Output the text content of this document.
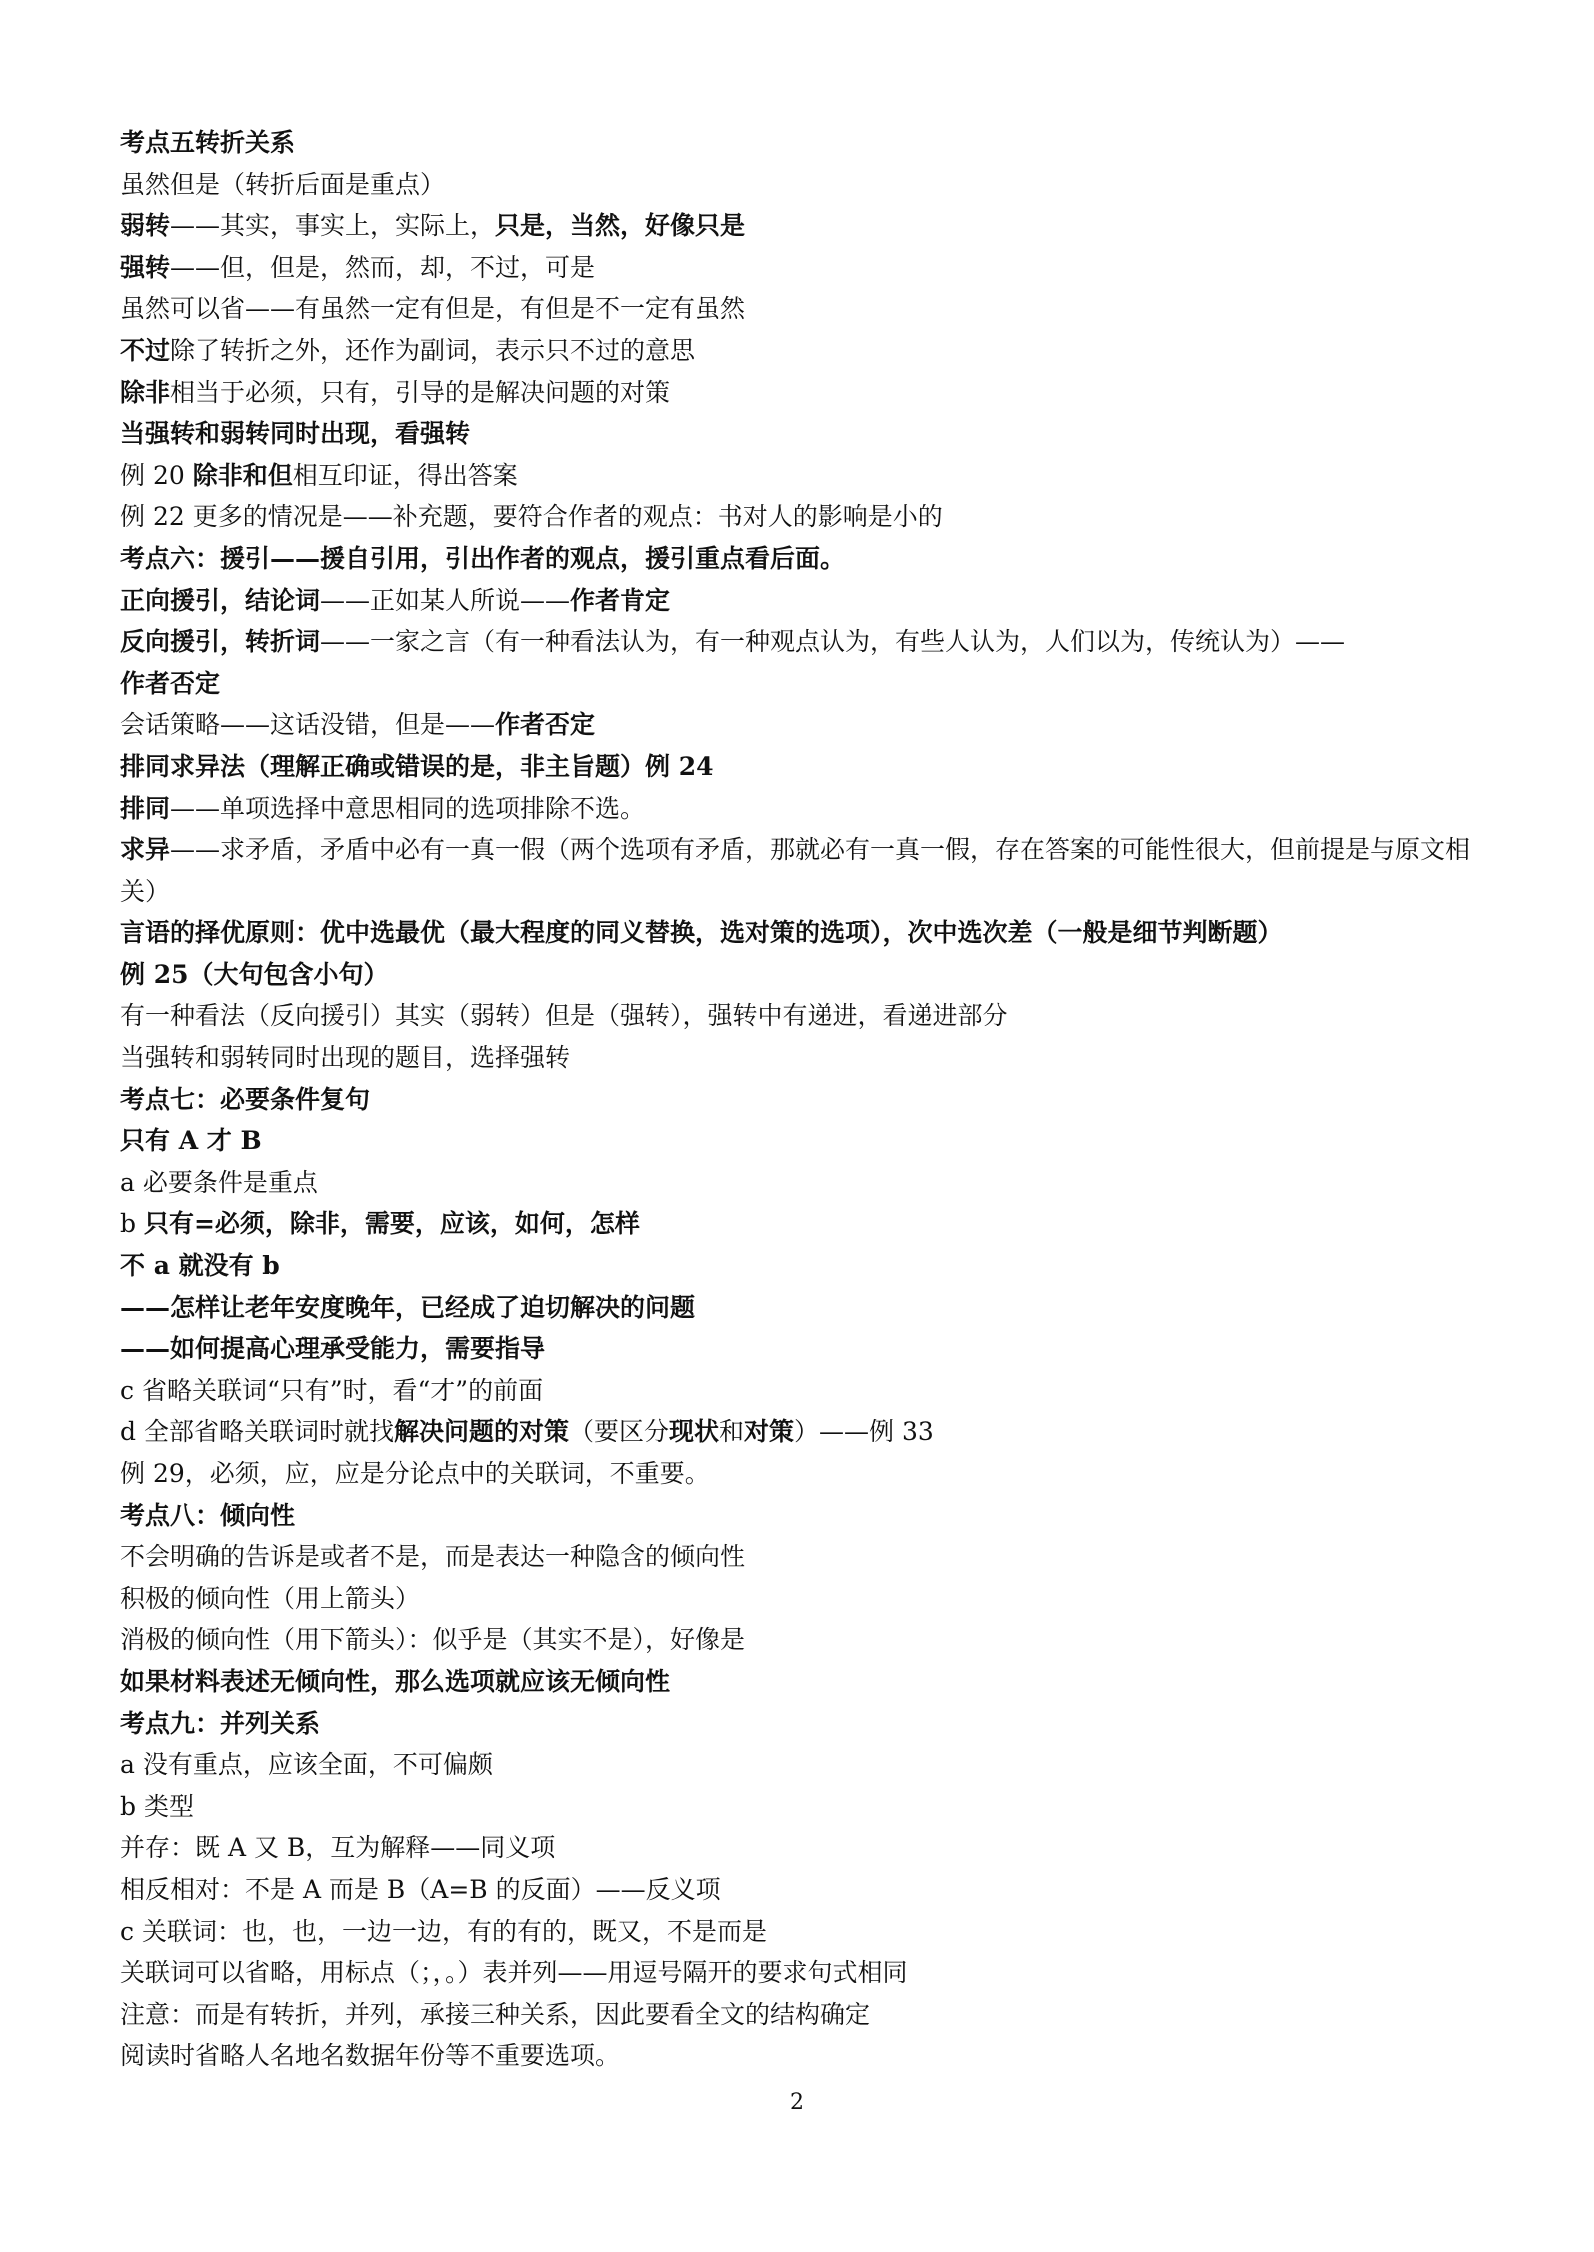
考点五转折关系

虽然但是（转折后面是重点）

弱转——其实，事实上，实际上，只是，当然，好像只是

强转——但，但是，然而，却，不过，可是

虽然可以省——有虽然一定有但是，有但是不一定有虽然

不过除了转折之外，还作为副词，表示只不过的意思

除非相当于必须，只有，引导的是解决问题的对策

当强转和弱转同时出现，看强转

例 20 除非和但相互印证，得出答案

例 22 更多的情况是——补充题，要符合作者的观点：书对人的影响是小的

考点六：援引——援自引用，引出作者的观点，援引重点看后面。

正向援引，结论词——正如某人所说——作者肯定

反向援引，转折词——一家之言（有一种看法认为，有一种观点认为，有些人认为，人们以为，传统认为）——

作者否定

会话策略——这话没错，但是——作者否定

排同求异法（理解正确或错误的是，非主旨题）例 24

排同——单项选择中意思相同的选项排除不选。

求异——求矛盾，矛盾中必有一真一假（两个选项有矛盾，那就必有一真一假，存在答案的可能性很大，但前提是与原文相关）

言语的择优原则：优中选最优（最大程度的同义替换，选对策的选项），次中选次差（一般是细节判断题）

例 25（大句包含小句）

有一种看法（反向援引）其实（弱转）但是（强转），强转中有递进，看递进部分

当强转和弱转同时出现的题目，选择强转

考点七：必要条件复句

只有 A 才 B

a 必要条件是重点

b 只有=必须，除非，需要，应该，如何，怎样

不 a 就没有 b

——怎样让老年安度晚年，已经成了迫切解决的问题

——如何提高心理承受能力，需要指导

c 省略关联词“只有”时，看“才”的前面

d 全部省略关联词时就找解决问题的对策（要区分现状和对策）——例 33

例 29，必须，应，应是分论点中的关联词，不重要。

考点八：倾向性

不会明确的告诉是或者不是，而是表达一种隐含的倾向性

积极的倾向性（用上箭头）

消极的倾向性（用下箭头）：似乎是（其实不是），好像是

如果材料表述无倾向性，那么选项就应该无倾向性

考点九：并列关系

a 没有重点，应该全面，不可偏颇

b 类型

并存：既 A 又 B，互为解释——同义项

相反相对：不是 A 而是 B（A=B 的反面）——反义项

c 关联词：也，也，一边一边，有的有的，既又，不是而是

关联词可以省略，用标点（；，。）表并列——用逗号隔开的要求句式相同

注意：而是有转折，并列，承接三种关系，因此要看全文的结构确定

阅读时省略人名地名数据年份等不重要选项。

2
